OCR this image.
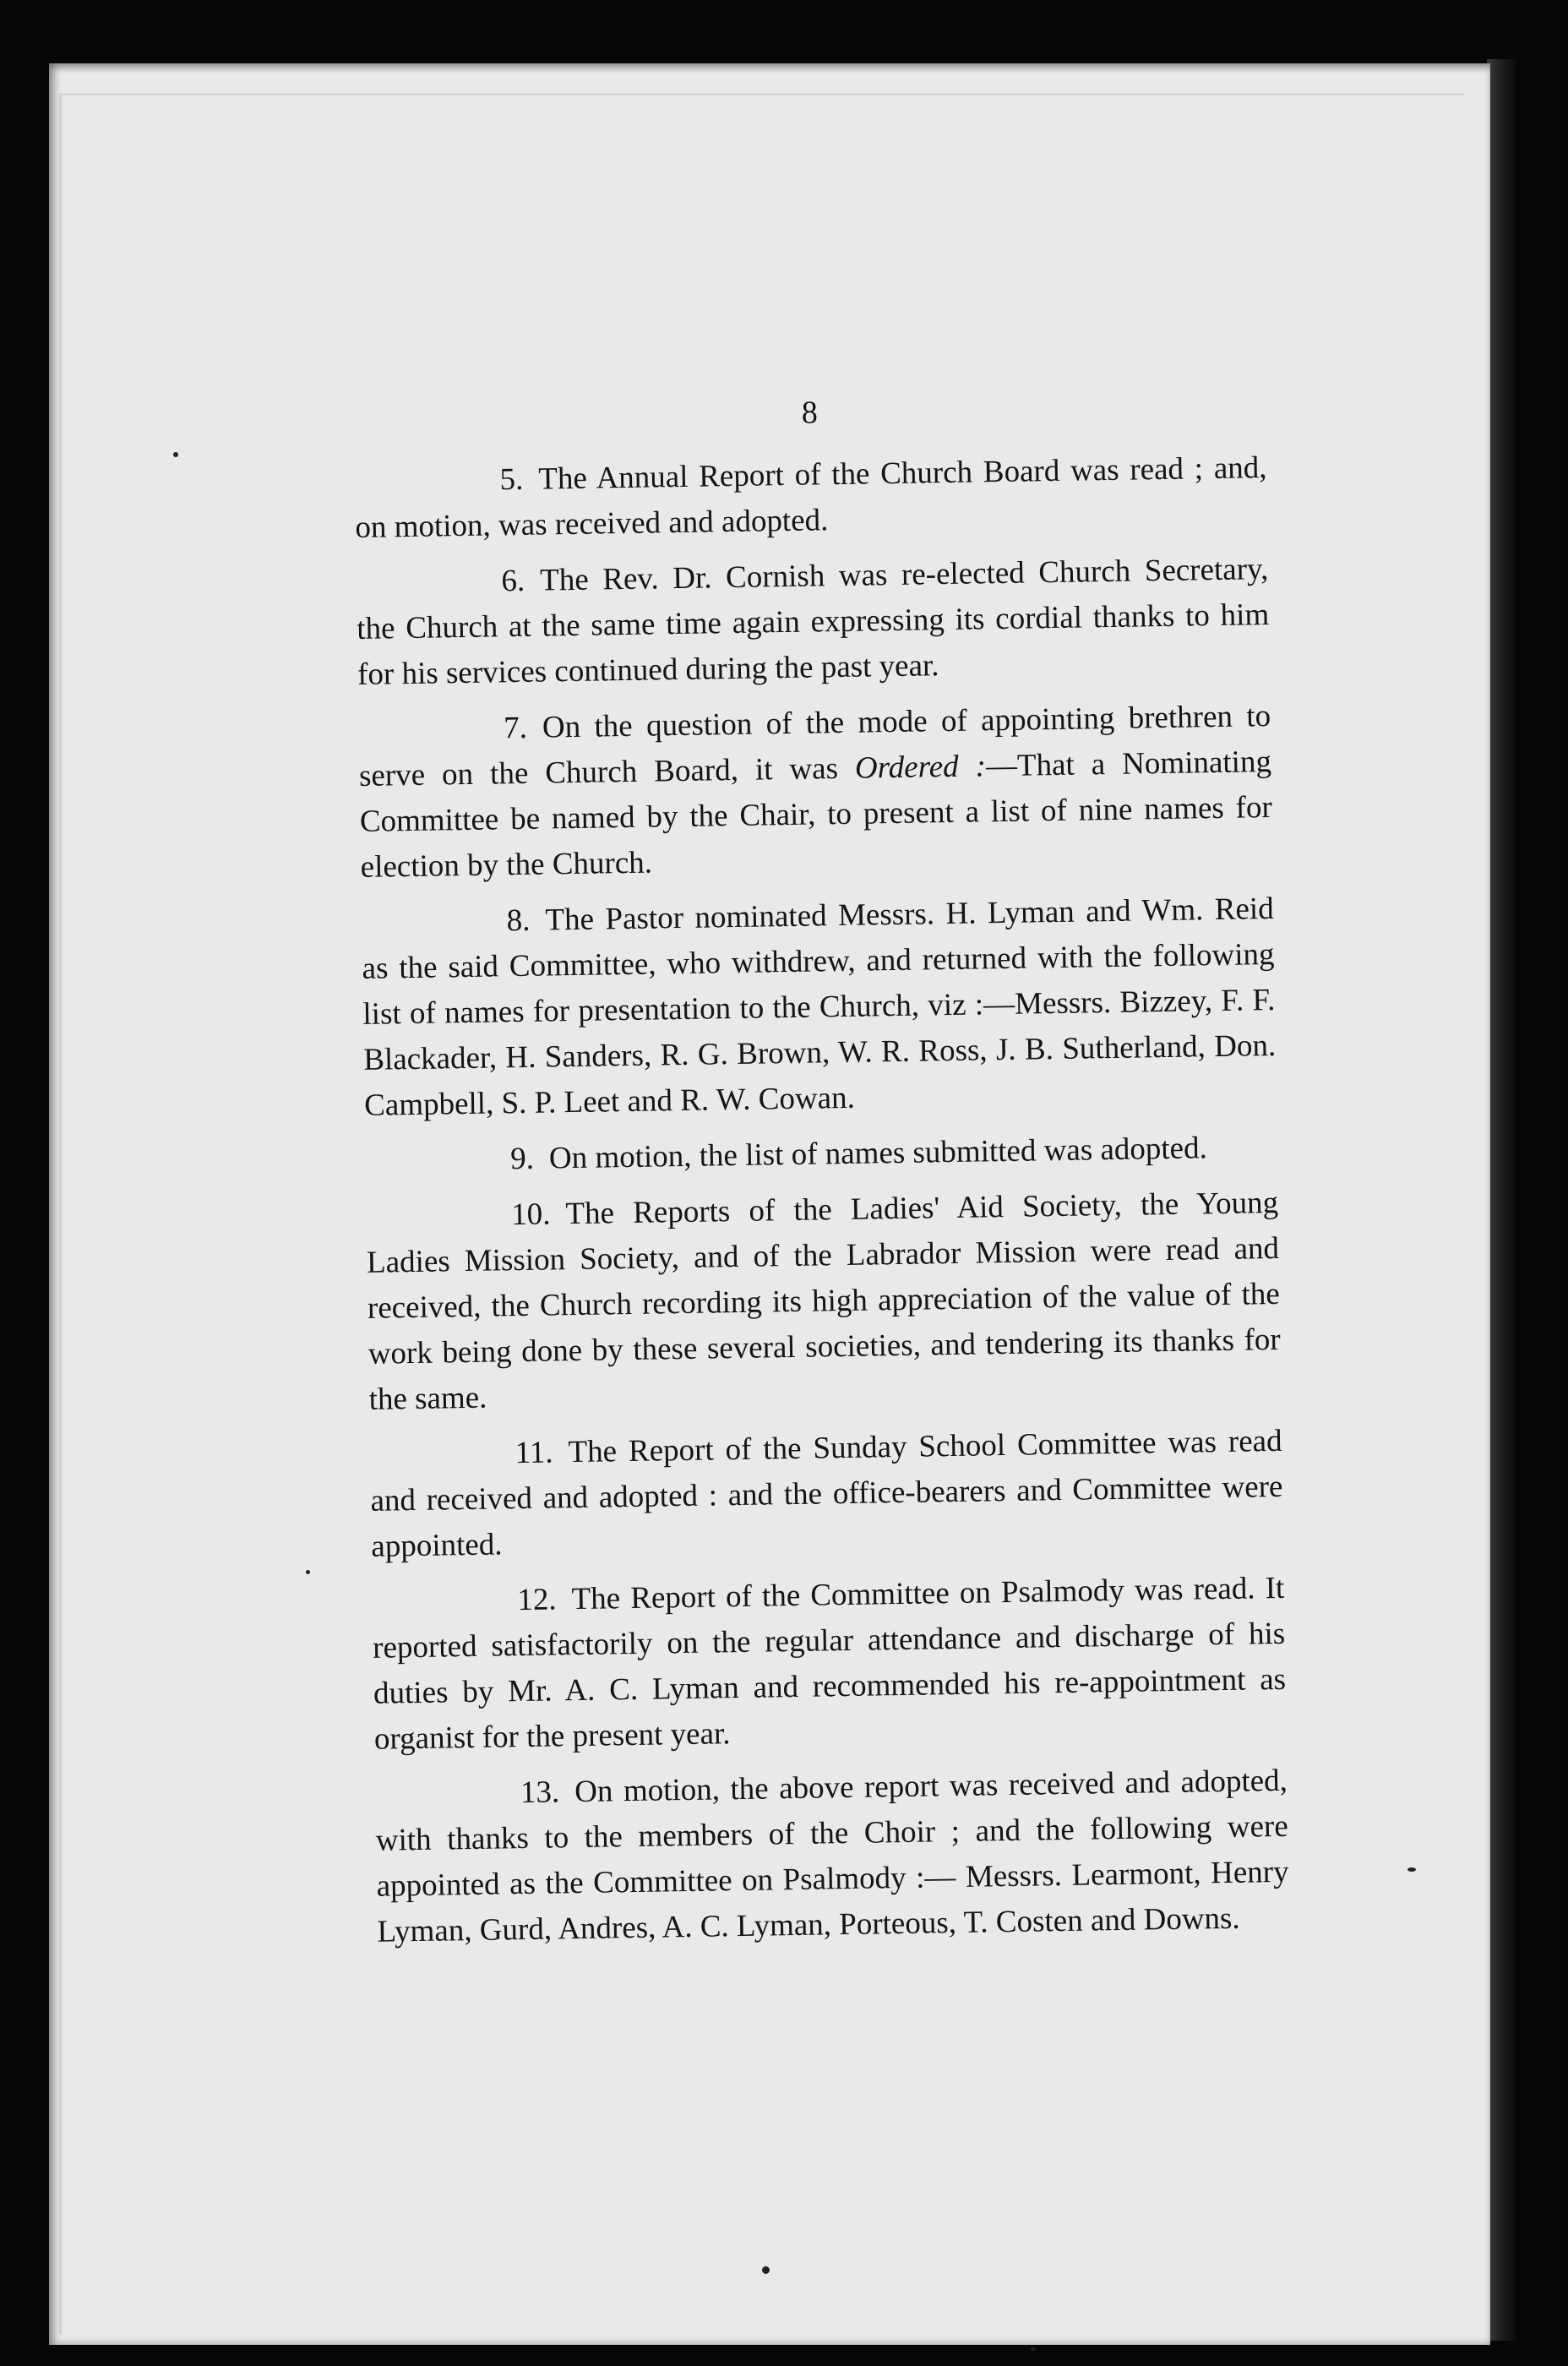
8

5. The Annual Report of the Church Board was read ; and, on motion, was received and adopted.

6. The Rev. Dr. Cornish was re-elected Church Secretary, the Church at the same time again expressing its cordial thanks to him for his services continued during the past year.

7. On the question of the mode of appointing brethren to serve on the Church Board, it was Ordered :—That a Nominating Committee be named by the Chair, to present a list of nine names for election by the Church.

8. The Pastor nominated Messrs. H. Lyman and Wm. Reid as the said Committee, who withdrew, and returned with the following list of names for presentation to the Church, viz :—Messrs. Bizzey, F. F. Blackader, H. Sanders, R. G. Brown, W. R. Ross, J. B. Sutherland, Don. Campbell, S. P. Leet and R. W. Cowan.

9. On motion, the list of names submitted was adopted.

10. The Reports of the Ladies' Aid Society, the Young Ladies Mission Society, and of the Labrador Mission were read and received, the Church recording its high appreciation of the value of the work being done by these several societies, and tendering its thanks for the same.

11. The Report of the Sunday School Committee was read and received and adopted : and the office-bearers and Committee were appointed.

12. The Report of the Committee on Psalmody was read. It reported satisfactorily on the regular attendance and discharge of his duties by Mr. A. C. Lyman and recommended his re-appointment as organist for the present year.

13. On motion, the above report was received and adopted, with thanks to the members of the Choir ; and the following were appointed as the Committee on Psalmody :— Messrs. Learmont, Henry Lyman, Gurd, Andres, A. C. Lyman, Porteous, T. Costen and Downs.
